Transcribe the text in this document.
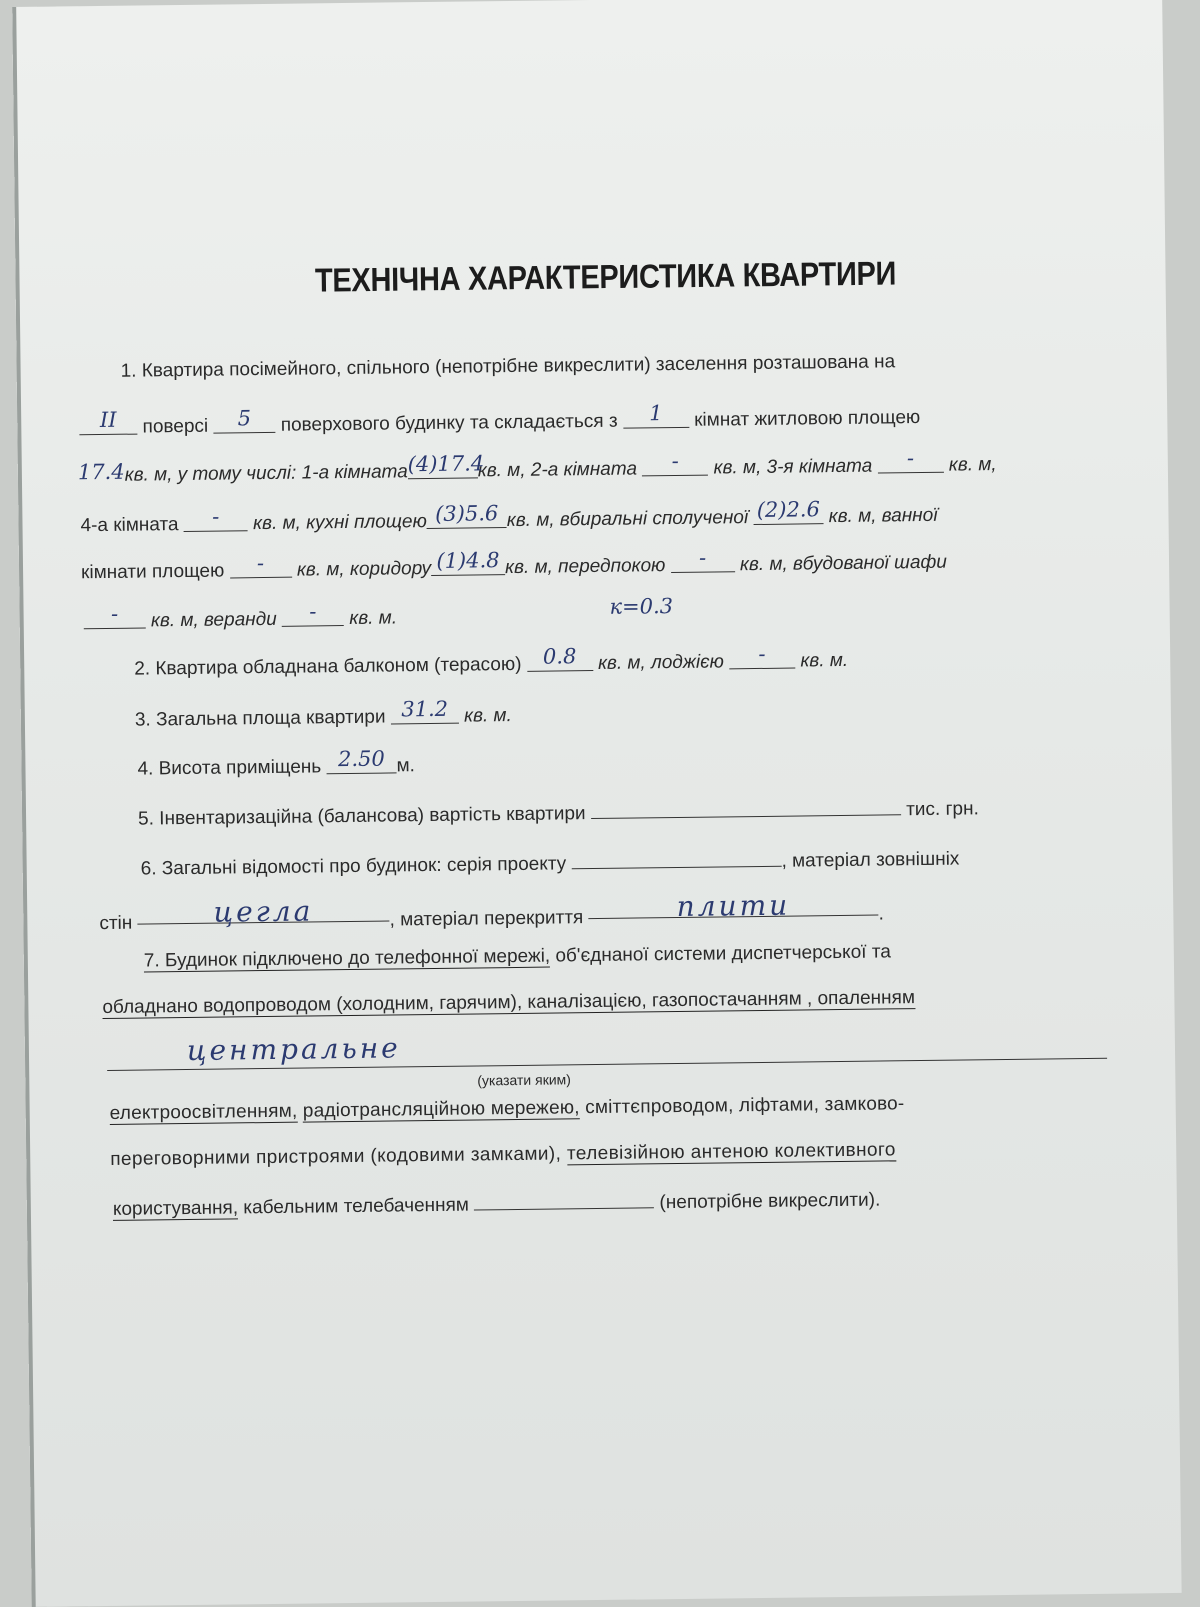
ТЕХНІЧНА ХАРАКТЕРИСТИКА КВАРТИРИ
1. Квартира посімейного, спільного (непотрібне викреслити) заселення розташована на
II поверсі 5 поверхового будинку та складається з 1 кімнат житловою площею
17.4кв. м, у тому числі: 1-а кімната(4)17.4кв. м, 2-а кімната - кв. м, 3-я кімната - кв. м,
4-а кімната - кв. м, кухні площею (3)5.6 кв. м, вбиральні сполученої (2)2.6 кв. м, ванної
кімнати площею - кв. м, коридору (1)4.8 кв. м, передпокою - кв. м, вбудованої шафи
- кв. м, веранди - кв. м.	к=0.3
2. Квартира обладнана балконом (терасою) 0.8 кв. м, лоджією - кв. м.
3. Загальна площа квартири 31.2 кв. м.
4. Висота приміщень 2.50 м.
5. Інвентаризаційна (балансова) вартість квартири	тис. грн.
6. Загальні відомості про будинок: серія проекту	, матеріал зовнішніх
стін	цегла	, матеріал перекриття	плити	.
7. Будинок підключено до телефонної мережі, об'єднаної системи диспетчерської та
обладнано водопроводом (холодним, гарячим), каналізацією, газопостачанням , опаленням
центральне
(указати яким)
електроосвітленням, радіотрансляційною мережею, сміттєпроводом, ліфтами, замково-
переговорними пристроями (кодовими замками), телевізійною антеною колективного
користування, кабельним телебаченням	(непотрібне викреслити).
